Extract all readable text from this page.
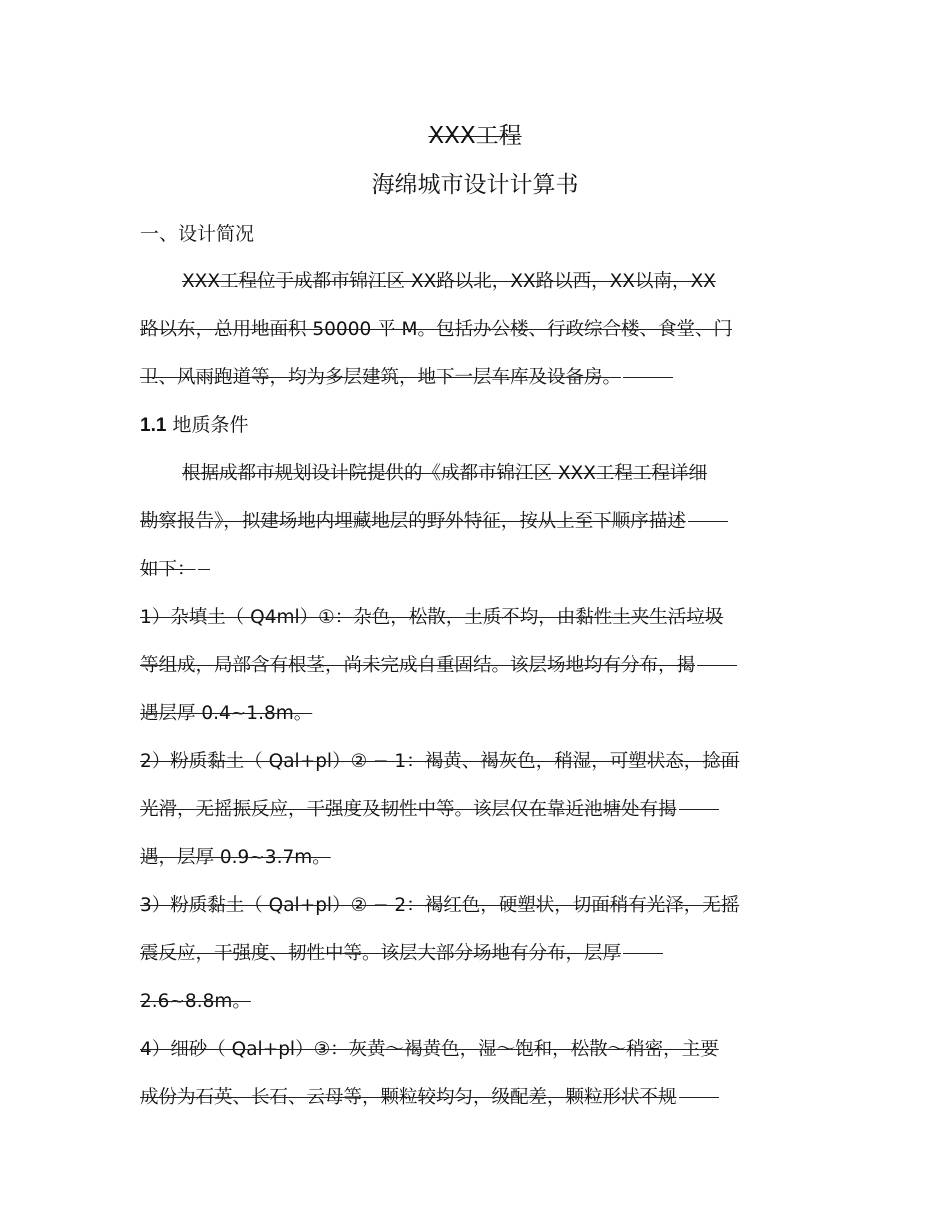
XXX工程
海绵城市设计计算书
一、设计简况
XXX工程位于成都市锦江区 XX路以北，XX路以西，XX以南，XX
路以东，总用地面积 50000 平 M。包括办公楼、行政综合楼、食堂、门
卫、风雨跑道等，均为多层建筑，地下一层车库及设备房。
1.1 地质条件
根据成都市规划设计院提供的《成都市锦江区 XXX工程工程详细
勘察报告》，拟建场地内埋藏地层的野外特征，按从上至下顺序描述
如下：
1）杂填土（ Q4ml）①：杂色，松散，土质不均，由黏性土夹生活垃圾
等组成，局部含有根茎，尚未完成自重固结。该层场地均有分布，揭
遇层厚 0.4~1.8m。
2）粉质黏土（ Qal+pl）② − 1：褐黄、褐灰色，稍湿，可塑状态，捻面
光滑，无摇振反应，干强度及韧性中等。该层仅在靠近池塘处有揭
遇，层厚 0.9~3.7m。
3）粉质黏土（ Qal+pl）② − 2：褐红色，硬塑状，切面稍有光泽，无摇
震反应，干强度、韧性中等。该层大部分场地有分布，层厚
2.6~8.8m。
4）细砂（ Qal+pl）③：灰黄～褐黄色，湿～饱和，松散～稍密，主要
成份为石英、长石、云母等，颗粒较均匀，级配差，颗粒形状不规
